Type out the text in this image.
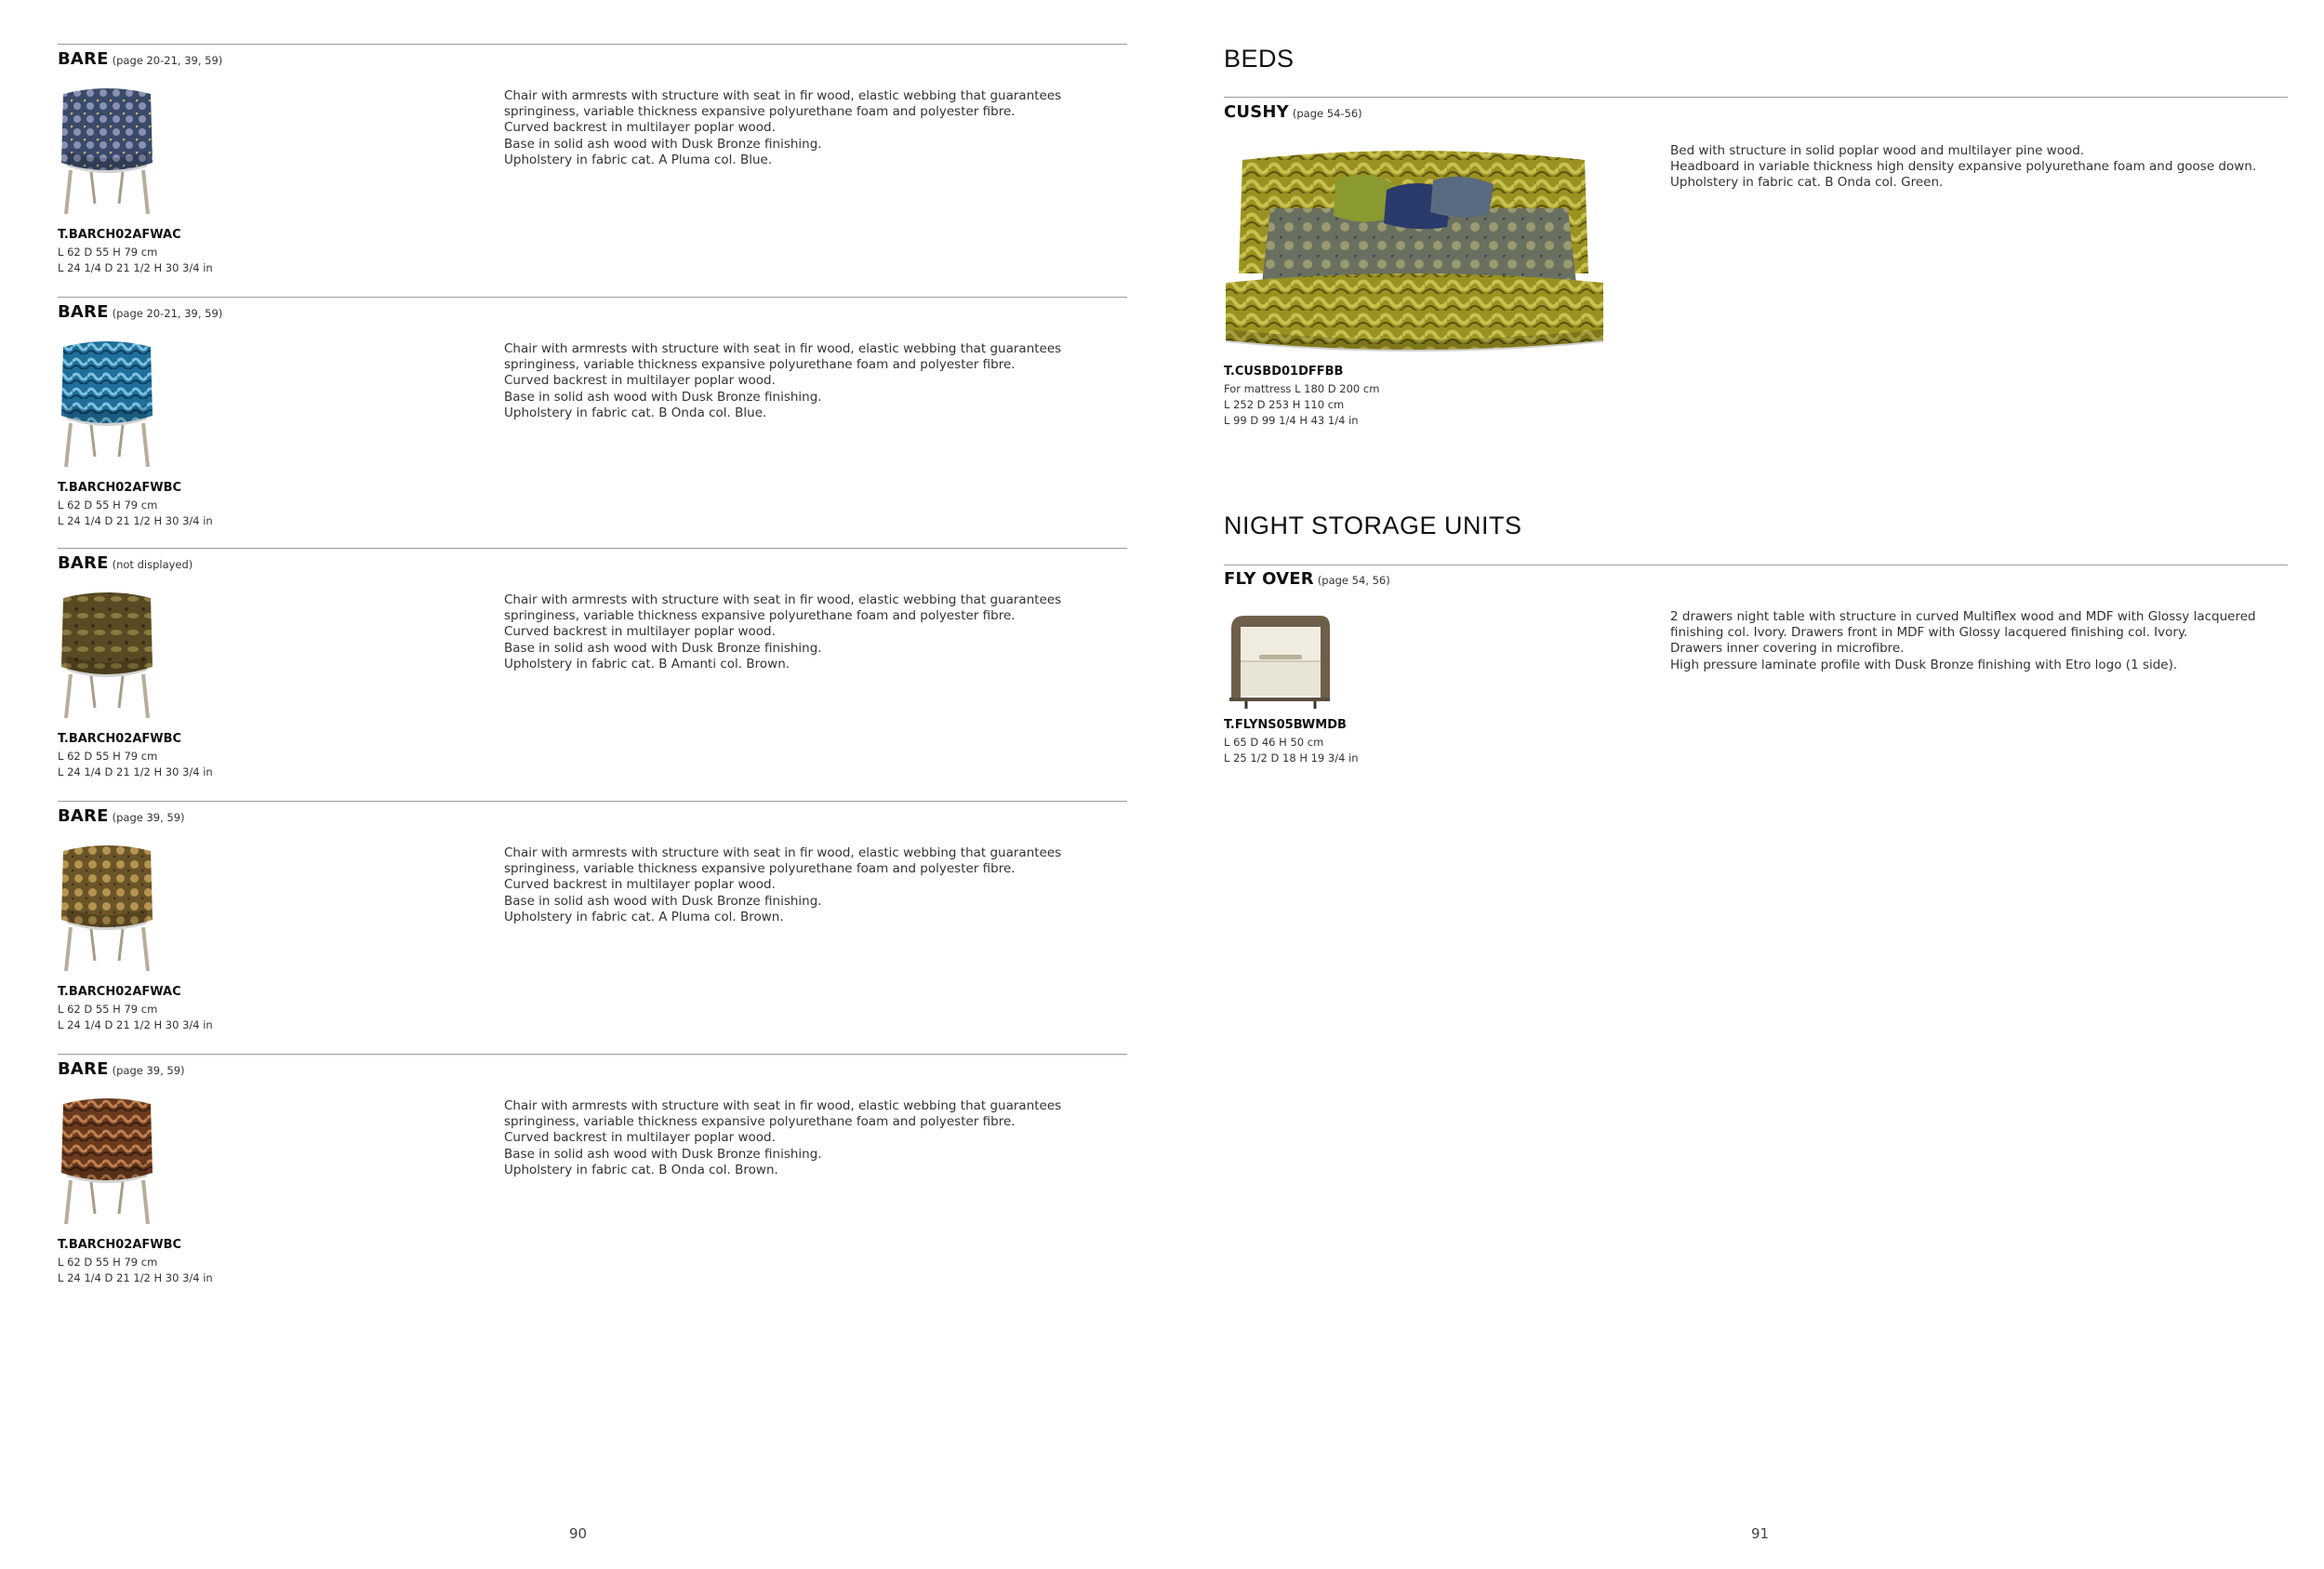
BARE (page 20-21, 39, 59)
T.BARCH02AFWAC
L 62 D 55 H 79 cm
L 24 1/4 D 21 1/2 H 30 3/4 in
Chair with armrests with structure with seat in fir wood, elastic webbing that guarantees
springiness, variable thickness expansive polyurethane foam and polyester fibre.
Curved backrest in multilayer poplar wood.
Base in solid ash wood with Dusk Bronze finishing.
Upholstery in fabric cat. A Pluma col. Blue.
BARE (page 20-21, 39, 59)
T.BARCH02AFWBC
L 62 D 55 H 79 cm
L 24 1/4 D 21 1/2 H 30 3/4 in
Chair with armrests with structure with seat in fir wood, elastic webbing that guarantees
springiness, variable thickness expansive polyurethane foam and polyester fibre.
Curved backrest in multilayer poplar wood.
Base in solid ash wood with Dusk Bronze finishing.
Upholstery in fabric cat. B Onda col. Blue.
BARE (not displayed)
T.BARCH02AFWBC
L 62 D 55 H 79 cm
L 24 1/4 D 21 1/2 H 30 3/4 in
Chair with armrests with structure with seat in fir wood, elastic webbing that guarantees
springiness, variable thickness expansive polyurethane foam and polyester fibre.
Curved backrest in multilayer poplar wood.
Base in solid ash wood with Dusk Bronze finishing.
Upholstery in fabric cat. B Amanti col. Brown.
BARE (page 39, 59)
T.BARCH02AFWAC
L 62 D 55 H 79 cm
L 24 1/4 D 21 1/2 H 30 3/4 in
Chair with armrests with structure with seat in fir wood, elastic webbing that guarantees
springiness, variable thickness expansive polyurethane foam and polyester fibre.
Curved backrest in multilayer poplar wood.
Base in solid ash wood with Dusk Bronze finishing.
Upholstery in fabric cat. A Pluma col. Brown.
BARE (page 39, 59)
T.BARCH02AFWBC
L 62 D 55 H 79 cm
L 24 1/4 D 21 1/2 H 30 3/4 in
Chair with armrests with structure with seat in fir wood, elastic webbing that guarantees
springiness, variable thickness expansive polyurethane foam and polyester fibre.
Curved backrest in multilayer poplar wood.
Base in solid ash wood with Dusk Bronze finishing.
Upholstery in fabric cat. B Onda col. Brown.
90
BEDS
CUSHY (page 54-56)
T.CUSBD01DFFBB
For mattress L 180 D 200 cm
L 252 D 253 H 110 cm
L 99 D 99 1/4 H 43 1/4 in
Bed with structure in solid poplar wood and multilayer pine wood.
Headboard in variable thickness high density expansive polyurethane foam and goose down.
Upholstery in fabric cat. B Onda col. Green.
NIGHT STORAGE UNITS
FLY OVER (page 54, 56)
T.FLYNS05BWMDB
L 65 D 46 H 50 cm
L 25 1/2 D 18 H 19 3/4 in
2 drawers night table with structure in curved Multiflex wood and MDF with Glossy lacquered
finishing col. Ivory. Drawers front in MDF with Glossy lacquered finishing col. Ivory.
Drawers inner covering in microfibre.
High pressure laminate profile with Dusk Bronze finishing with Etro logo (1 side).
91
